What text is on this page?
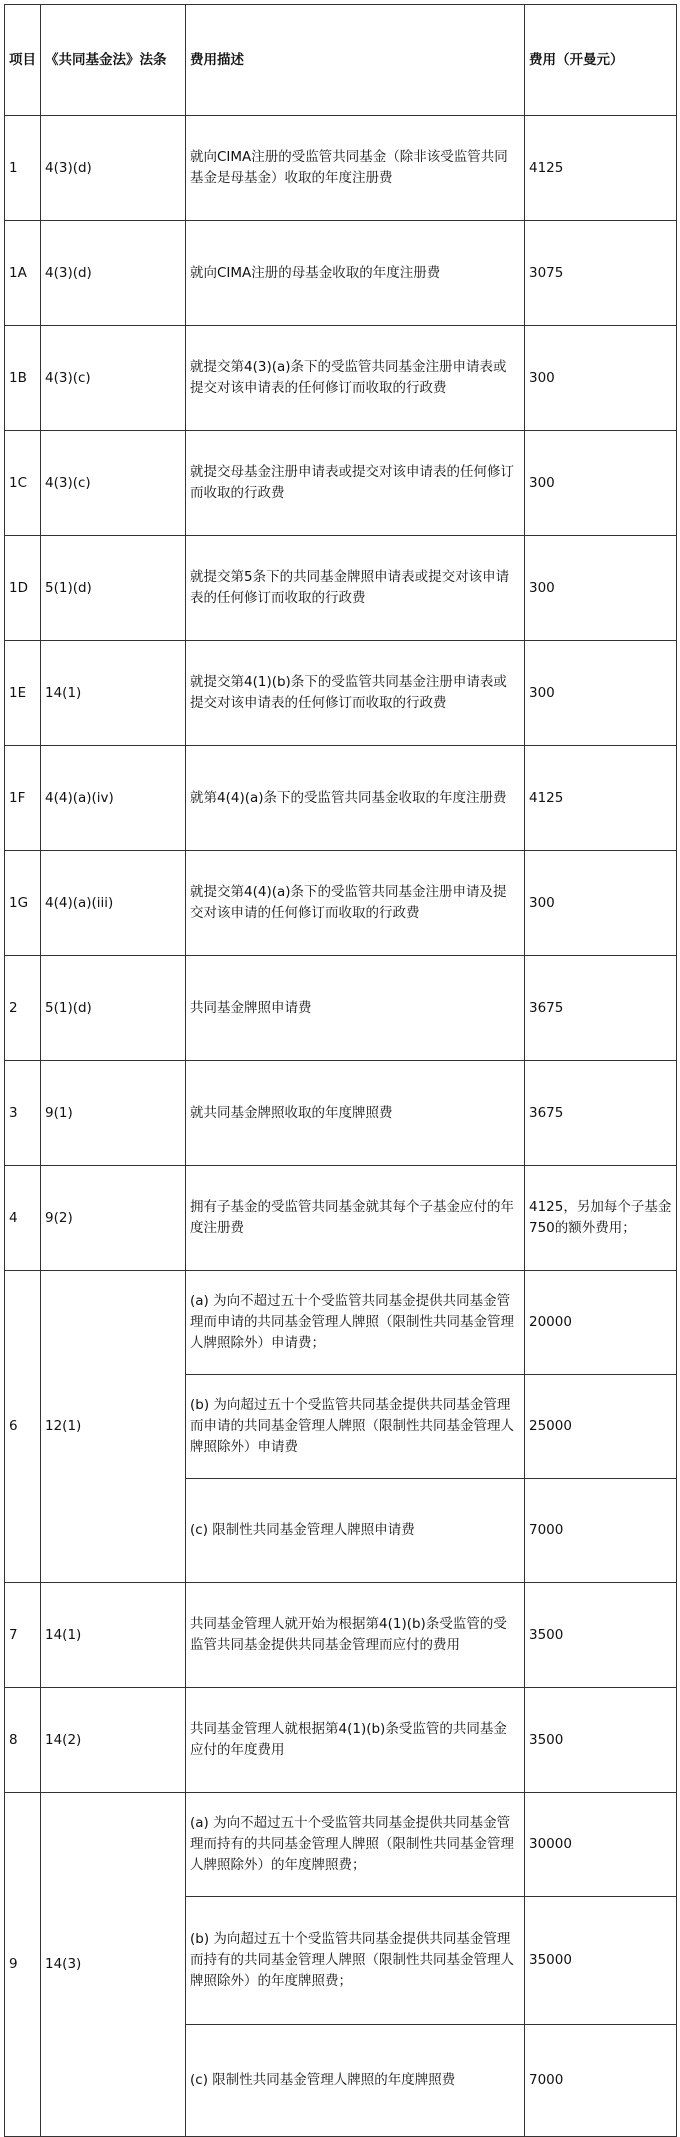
项目	《共同基金法》法条	费用描述	费用（开曼元）
1	4(3)(d)	就向CIMA注册的受监管共同基金（除非该受监管共同基金是母基金）收取的年度注册费	4125
1A	4(3)(d)	就向CIMA注册的母基金收取的年度注册费	3075
1B	4(3)(c)	就提交第4(3)(a)条下的受监管共同基金注册申请表或提交对该申请表的任何修订而收取的行政费	300
1C	4(3)(c)	就提交母基金注册申请表或提交对该申请表的任何修订而收取的行政费	300
1D	5(1)(d)	就提交第5条下的共同基金牌照申请表或提交对该申请表的任何修订而收取的行政费	300
1E	14(1)	就提交第4(1)(b)条下的受监管共同基金注册申请表或提交对该申请表的任何修订而收取的行政费	300
1F	4(4)(a)(iv)	就第4(4)(a)条下的受监管共同基金收取的年度注册费	4125
1G	4(4)(a)(iii)	就提交第4(4)(a)条下的受监管共同基金注册申请及提交对该申请的任何修订而收取的行政费	300
2	5(1)(d)	共同基金牌照申请费	3675
3	9(1)	就共同基金牌照收取的年度牌照费	3675
4	9(2)	拥有子基金的受监管共同基金就其每个子基金应付的年度注册费	4125，另加每个子基金750的额外费用；
6	12(1)	(a) 为向不超过五十个受监管共同基金提供共同基金管理而申请的共同基金管理人牌照（限制性共同基金管理人牌照除外）申请费；	20000
		(b) 为向超过五十个受监管共同基金提供共同基金管理而申请的共同基金管理人牌照（限制性共同基金管理人牌照除外）申请费	25000
		(c) 限制性共同基金管理人牌照申请费	7000
7	14(1)	共同基金管理人就开始为根据第4(1)(b)条受监管的受监管共同基金提供共同基金管理而应付的费用	3500
8	14(2)	共同基金管理人就根据第4(1)(b)条受监管的共同基金应付的年度费用	3500
9	14(3)	(a) 为向不超过五十个受监管共同基金提供共同基金管理而持有的共同基金管理人牌照（限制性共同基金管理人牌照除外）的年度牌照费；	30000
		(b) 为向超过五十个受监管共同基金提供共同基金管理而持有的共同基金管理人牌照（限制性共同基金管理人牌照除外）的年度牌照费；	35000
		(c) 限制性共同基金管理人牌照的年度牌照费	7000
